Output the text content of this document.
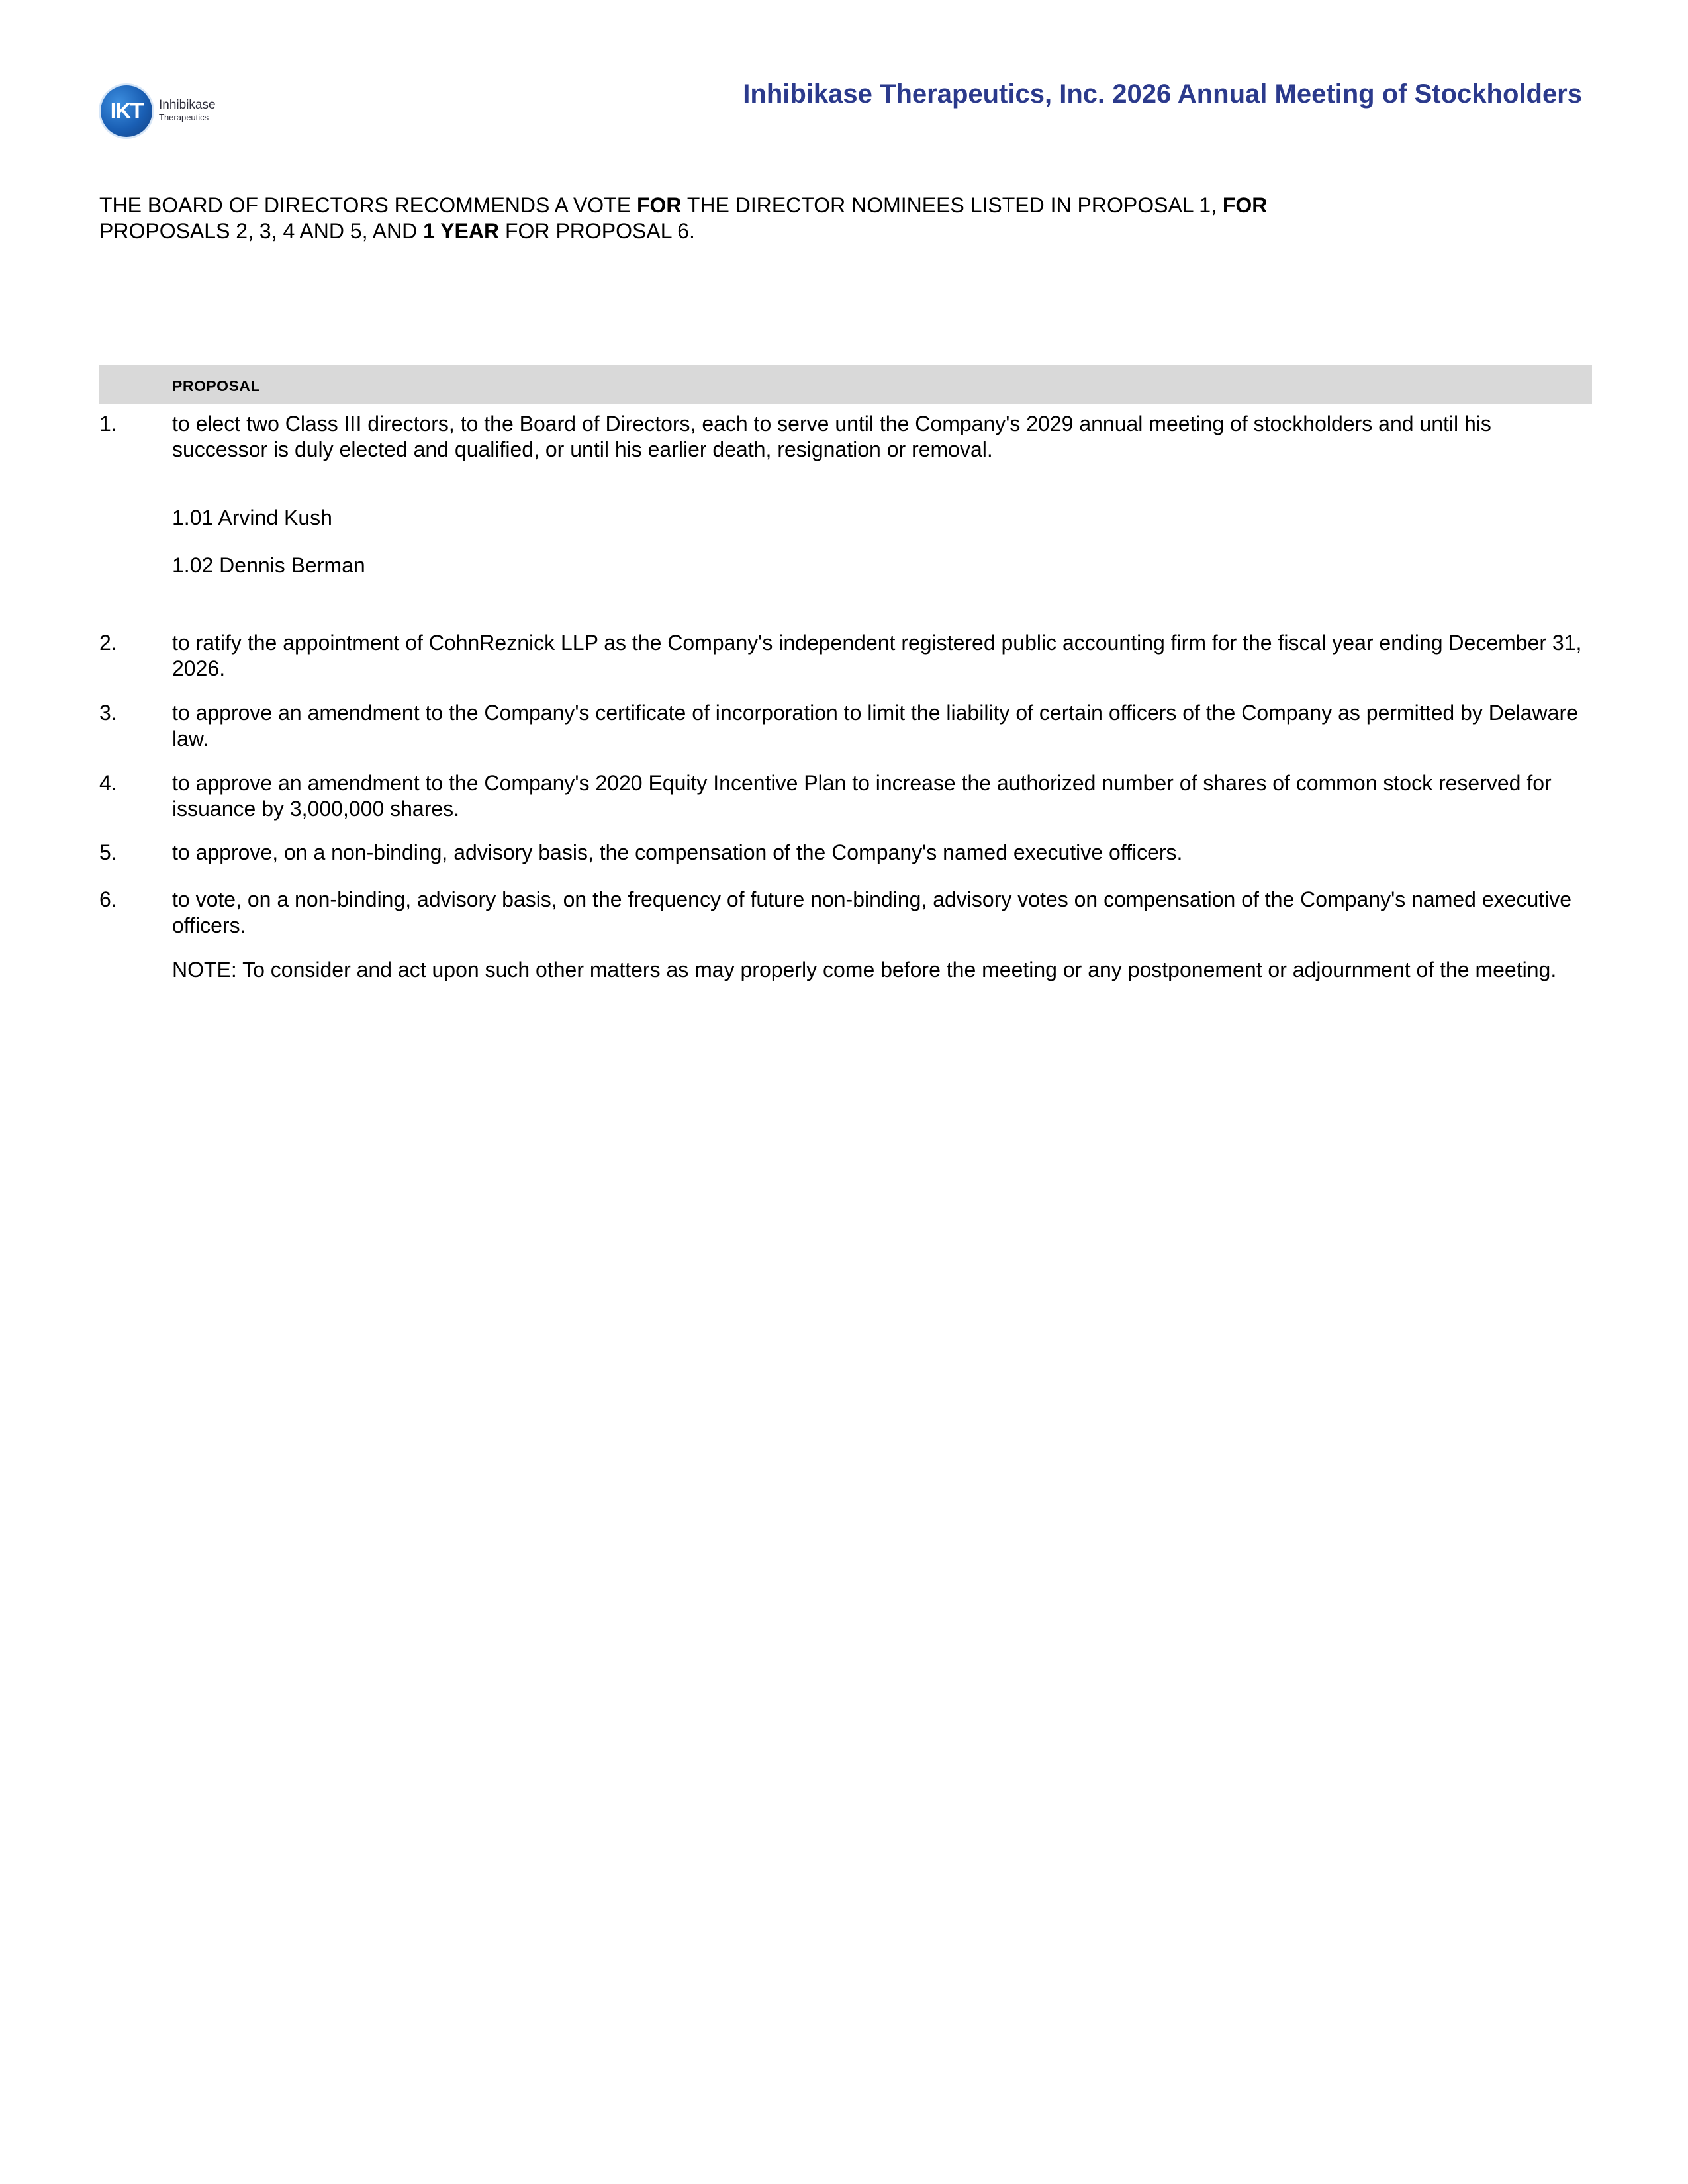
IKT	Inhibikase
Therapeutics
Inhibikase Therapeutics, Inc. 2026 Annual Meeting of Stockholders
THE BOARD OF DIRECTORS RECOMMENDS A VOTE FOR THE DIRECTOR NOMINEES LISTED IN PROPOSAL 1, FOR
PROPOSALS 2, 3, 4 AND 5, AND 1 YEAR FOR PROPOSAL 6.
PROPOSAL
1.	to elect two Class III directors, to the Board of Directors, each to serve until the Company's 2029 annual meeting of stockholders and until his successor is duly elected and qualified, or until his earlier death, resignation or removal.
1.01 Arvind Kush
1.02 Dennis Berman
2.	to ratify the appointment of CohnReznick LLP as the Company's independent registered public accounting firm for the fiscal year ending December 31, 2026.
3.	to approve an amendment to the Company's certificate of incorporation to limit the liability of certain officers of the Company as permitted by Delaware law.
4.	to approve an amendment to the Company's 2020 Equity Incentive Plan to increase the authorized number of shares of common stock reserved for issuance by 3,000,000 shares.
5.	to approve, on a non-binding, advisory basis, the compensation of the Company's named executive officers.
6.	to vote, on a non-binding, advisory basis, on the frequency of future non-binding, advisory votes on compensation of the Company's named executive officers.
NOTE: To consider and act upon such other matters as may properly come before the meeting or any postponement or adjournment of the meeting.
